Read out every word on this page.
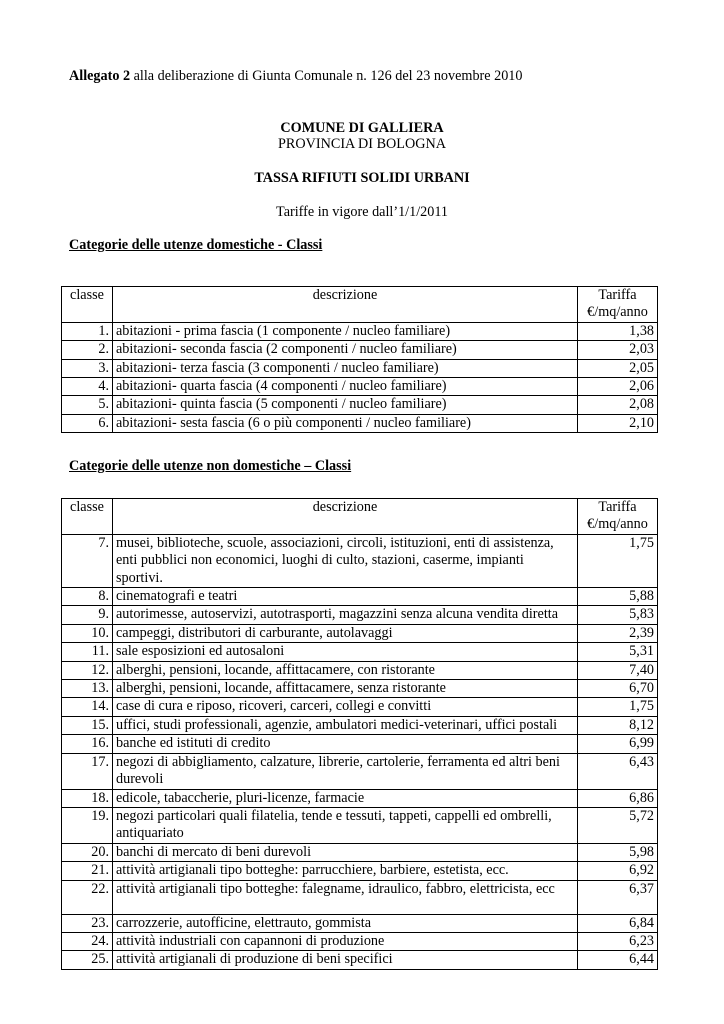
Allegato 2 alla deliberazione di Giunta Comunale n. 126 del 23 novembre 2010
COMUNE DI GALLIERA
PROVINCIA DI BOLOGNA
TASSA RIFIUTI SOLIDI URBANI
Tariffe in vigore dall’1/1/2011
Categorie delle utenze domestiche - Classi
classe	descrizione	Tariffa
€/mq/anno
1.	abitazioni - prima fascia (1 componente / nucleo familiare)	1,38
2.	abitazioni- seconda fascia (2 componenti / nucleo familiare)	2,03
3.	abitazioni- terza fascia (3 componenti / nucleo familiare)	2,05
4.	abitazioni- quarta fascia (4 componenti / nucleo familiare)	2,06
5.	abitazioni- quinta fascia (5 componenti / nucleo familiare)	2,08
6.	abitazioni- sesta fascia (6 o più componenti / nucleo familiare)	2,10
Categorie delle utenze non domestiche – Classi
classe	descrizione	Tariffa
€/mq/anno
7.	musei, biblioteche, scuole, associazioni, circoli, istituzioni, enti di assistenza, enti pubblici non economici, luoghi di culto, stazioni, caserme, impianti sportivi.	1,75
8.	cinematografi e teatri	5,88
9.	autorimesse, autoservizi, autotrasporti, magazzini senza alcuna vendita diretta	5,83
10.	campeggi, distributori di carburante, autolavaggi	2,39
11.	sale esposizioni ed autosaloni	5,31
12.	alberghi, pensioni, locande, affittacamere, con ristorante	7,40
13.	alberghi, pensioni, locande, affittacamere, senza ristorante	6,70
14.	case di cura e riposo, ricoveri, carceri, collegi e convitti	1,75
15.	uffici, studi professionali, agenzie, ambulatori medici-veterinari, uffici postali	8,12
16.	banche ed istituti di credito	6,99
17.	negozi di abbigliamento, calzature, librerie, cartolerie, ferramenta ed altri beni durevoli	6,43
18.	edicole, tabaccherie, pluri-licenze, farmacie	6,86
19.	negozi particolari quali filatelia, tende e tessuti, tappeti, cappelli ed ombrelli, antiquariato	5,72
20.	banchi di mercato di beni durevoli	5,98
21.	attività artigianali tipo botteghe: parrucchiere, barbiere, estetista, ecc.	6,92
22.	attività artigianali tipo botteghe: falegname, idraulico, fabbro, elettricista, ecc	6,37
23.	carrozzerie, autofficine, elettrauto, gommista	6,84
24.	attività industriali con capannoni di produzione	6,23
25.	attività artigianali di produzione di beni specifici	6,44
